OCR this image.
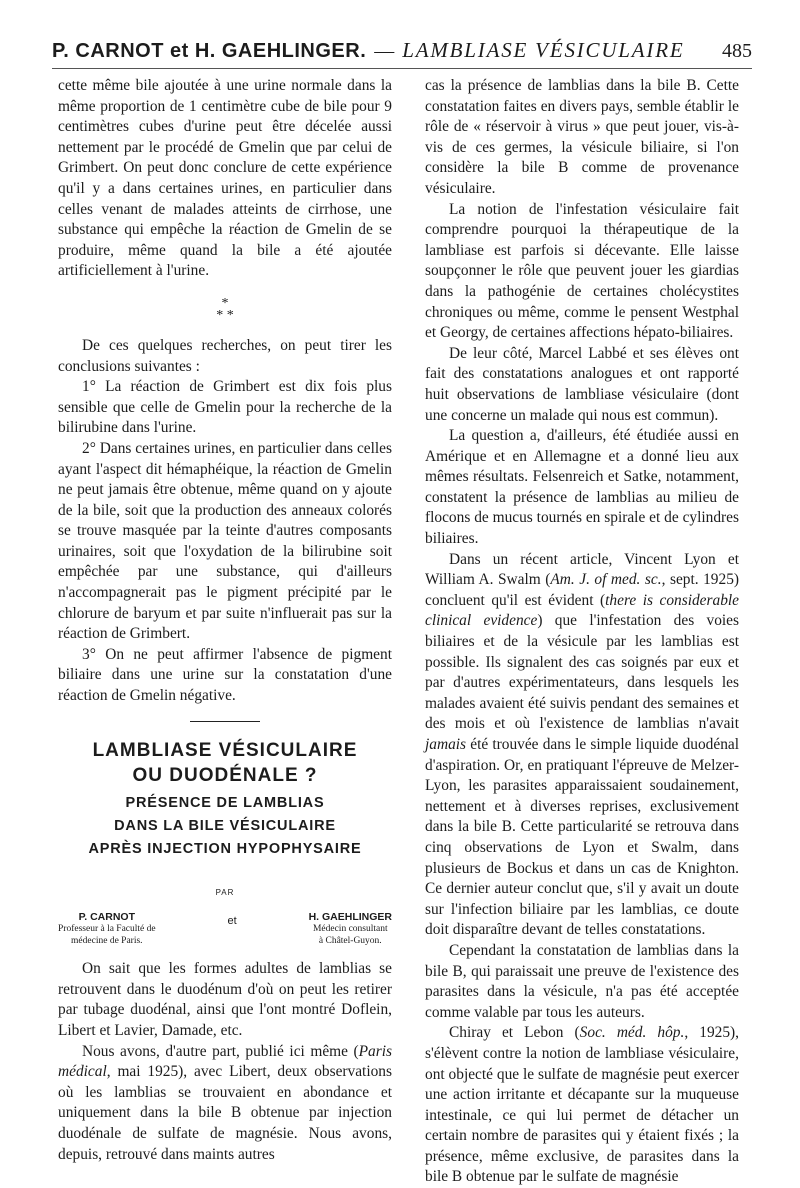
P. CARNOT et H. GAEHLINGER. — LAMBLIASE VÉSICULAIRE 485

cette même bile ajoutée à une urine normale dans la même proportion de 1 centimètre cube de bile pour 9 centimètres cubes d'urine peut être décelée aussi nettement par le procédé de Gmelin que par celui de Grimbert. On peut donc conclure de cette expérience qu'il y a dans certaines urines, en particulier dans celles venant de malades atteints de cirrhose, une substance qui empêche la réaction de Gmelin de se produire, même quand la bile a été ajoutée artificiellement à l'urine.

*
* *

De ces quelques recherches, on peut tirer les conclusions suivantes :

1° La réaction de Grimbert est dix fois plus sensible que celle de Gmelin pour la recherche de la bilirubine dans l'urine.

2° Dans certaines urines, en particulier dans celles ayant l'aspect dit hémaphéique, la réaction de Gmelin ne peut jamais être obtenue, même quand on y ajoute de la bile, soit que la production des anneaux colorés se trouve masquée par la teinte d'autres composants urinaires, soit que l'oxydation de la bilirubine soit empêchée par une substance, qui d'ailleurs n'accompagnerait pas le pigment précipité par le chlorure de baryum et par suite n'influerait pas sur la réaction de Grimbert.

3° On ne peut affirmer l'absence de pigment biliaire dans une urine sur la constatation d'une réaction de Gmelin négative.

LAMBLIASE VÉSICULAIRE
OU DUODÉNALE ?
PRÉSENCE DE LAMBLIAS
DANS LA BILE VÉSICULAIRE
APRÈS INJECTION HYPOPHYSAIRE
PAR
P. CARNOT
Professeur à la Faculté de
médecine de Paris.
et	H. GAEHLINGER
Médecin consultant
à Châtel-Guyon.

On sait que les formes adultes de lamblias se retrouvent dans le duodénum d'où on peut les retirer par tubage duodénal, ainsi que l'ont montré Doflein, Libert et Lavier, Damade, etc.

Nous avons, d'autre part, publié ici même (Paris médical, mai 1925), avec Libert, deux observations où les lamblias se trouvaient en abondance et uniquement dans la bile B obtenue par injection duodénale de sulfate de magnésie. Nous avons, depuis, retrouvé dans maints autres

cas la présence de lamblias dans la bile B. Cette constatation faites en divers pays, semble établir le rôle de « réservoir à virus » que peut jouer, vis-à-vis de ces germes, la vésicule biliaire, si l'on considère la bile B comme de provenance vésiculaire.

La notion de l'infestation vésiculaire fait comprendre pourquoi la thérapeutique de la lambliase est parfois si décevante. Elle laisse soupçonner le rôle que peuvent jouer les giardias dans la pathogénie de certaines cholécystites chroniques ou même, comme le pensent Westphal et Georgy, de certaines affections hépato-biliaires.

De leur côté, Marcel Labbé et ses élèves ont fait des constatations analogues et ont rapporté huit observations de lambliase vésiculaire (dont une concerne un malade qui nous est commun).

La question a, d'ailleurs, été étudiée aussi en Amérique et en Allemagne et a donné lieu aux mêmes résultats. Felsenreich et Satke, notamment, constatent la présence de lamblias au milieu de flocons de mucus tournés en spirale et de cylindres biliaires.

Dans un récent article, Vincent Lyon et William A. Swalm (Am. J. of med. sc., sept. 1925) concluent qu'il est évident (there is considerable clinical evidence) que l'infestation des voies biliaires et de la vésicule par les lamblias est possible. Ils signalent des cas soignés par eux et par d'autres expérimentateurs, dans lesquels les malades avaient été suivis pendant des semaines et des mois et où l'existence de lamblias n'avait jamais été trouvée dans le simple liquide duodénal d'aspiration. Or, en pratiquant l'épreuve de Melzer-Lyon, les parasites apparaissaient soudainement, nettement et à diverses reprises, exclusivement dans la bile B. Cette particularité se retrouva dans cinq observations de Lyon et Swalm, dans plusieurs de Bockus et dans un cas de Knighton. Ce dernier auteur conclut que, s'il y avait un doute sur l'infection biliaire par les lamblias, ce doute doit disparaître devant de telles constatations.

Cependant la constatation de lamblias dans la bile B, qui paraissait une preuve de l'existence des parasites dans la vésicule, n'a pas été acceptée comme valable par tous les auteurs.

Chiray et Lebon (Soc. méd. hôp., 1925), s'élèvent contre la notion de lambliase vésiculaire, ont objecté que le sulfate de magnésie peut exercer une action irritante et décapante sur la muqueuse intestinale, ce qui lui permet de détacher un certain nombre de parasites qui y étaient fixés ; la présence, même exclusive, de parasites dans la bile B obtenue par le sulfate de magnésie
